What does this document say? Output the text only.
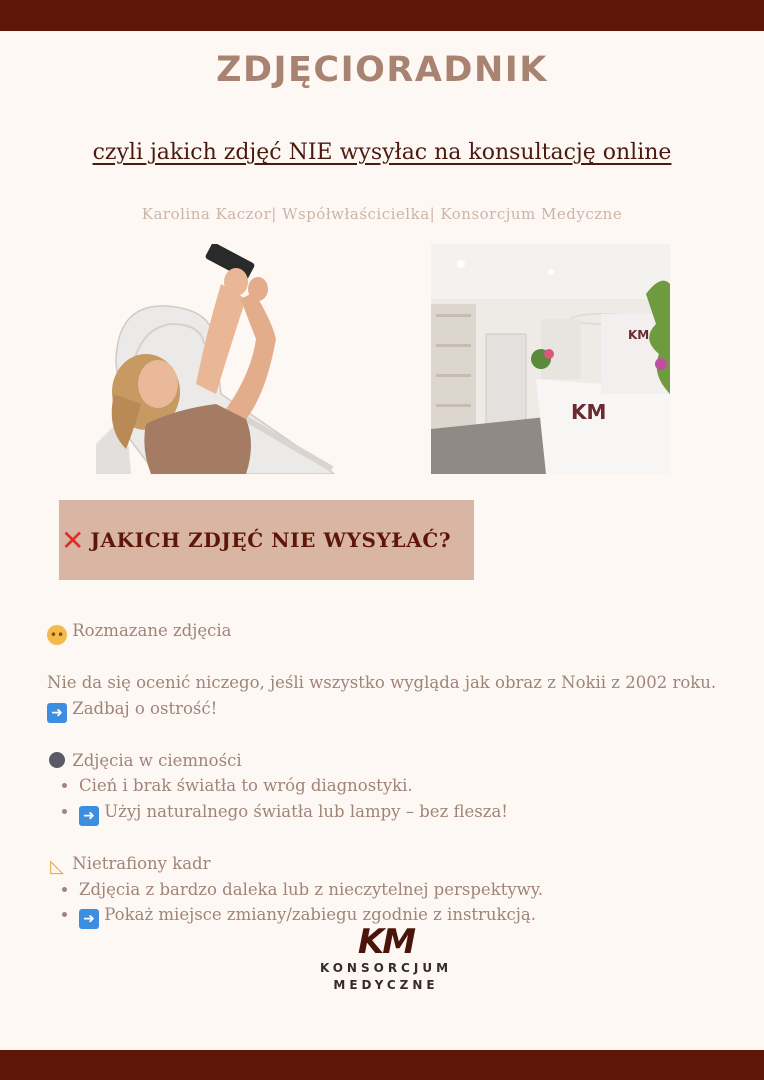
ZDJĘCIORADNIK
czyli jakich zdjęć NIE wysyłac na konsultację online
Karolina Kaczor| Współwłaścicielka| Konsorcjum Medyczne
KM
KM
✕ JAKICH ZDJĘĆ NIE WYSYŁAĆ?

•• Rozmazane zdjęcia

Nie da się ocenić niczego, jeśli wszystko wygląda jak obraz z Nokii z 2002 roku.

➜ Zadbaj o ostrość!

Zdjęcia w ciemności

• Cień i brak światła to wróg diagnostyki.
• ➜ Użyj naturalnego światła lub lampy – bez flesza!

◺ Nietrafiony kadr

• Zdjęcia z bardzo daleka lub z nieczytelnej perspektywy.
• ➜ Pokaż miejsce zmiany/zabiegu zgodnie z instrukcją.
KM
KONSORCJUM
MEDYCZNE
